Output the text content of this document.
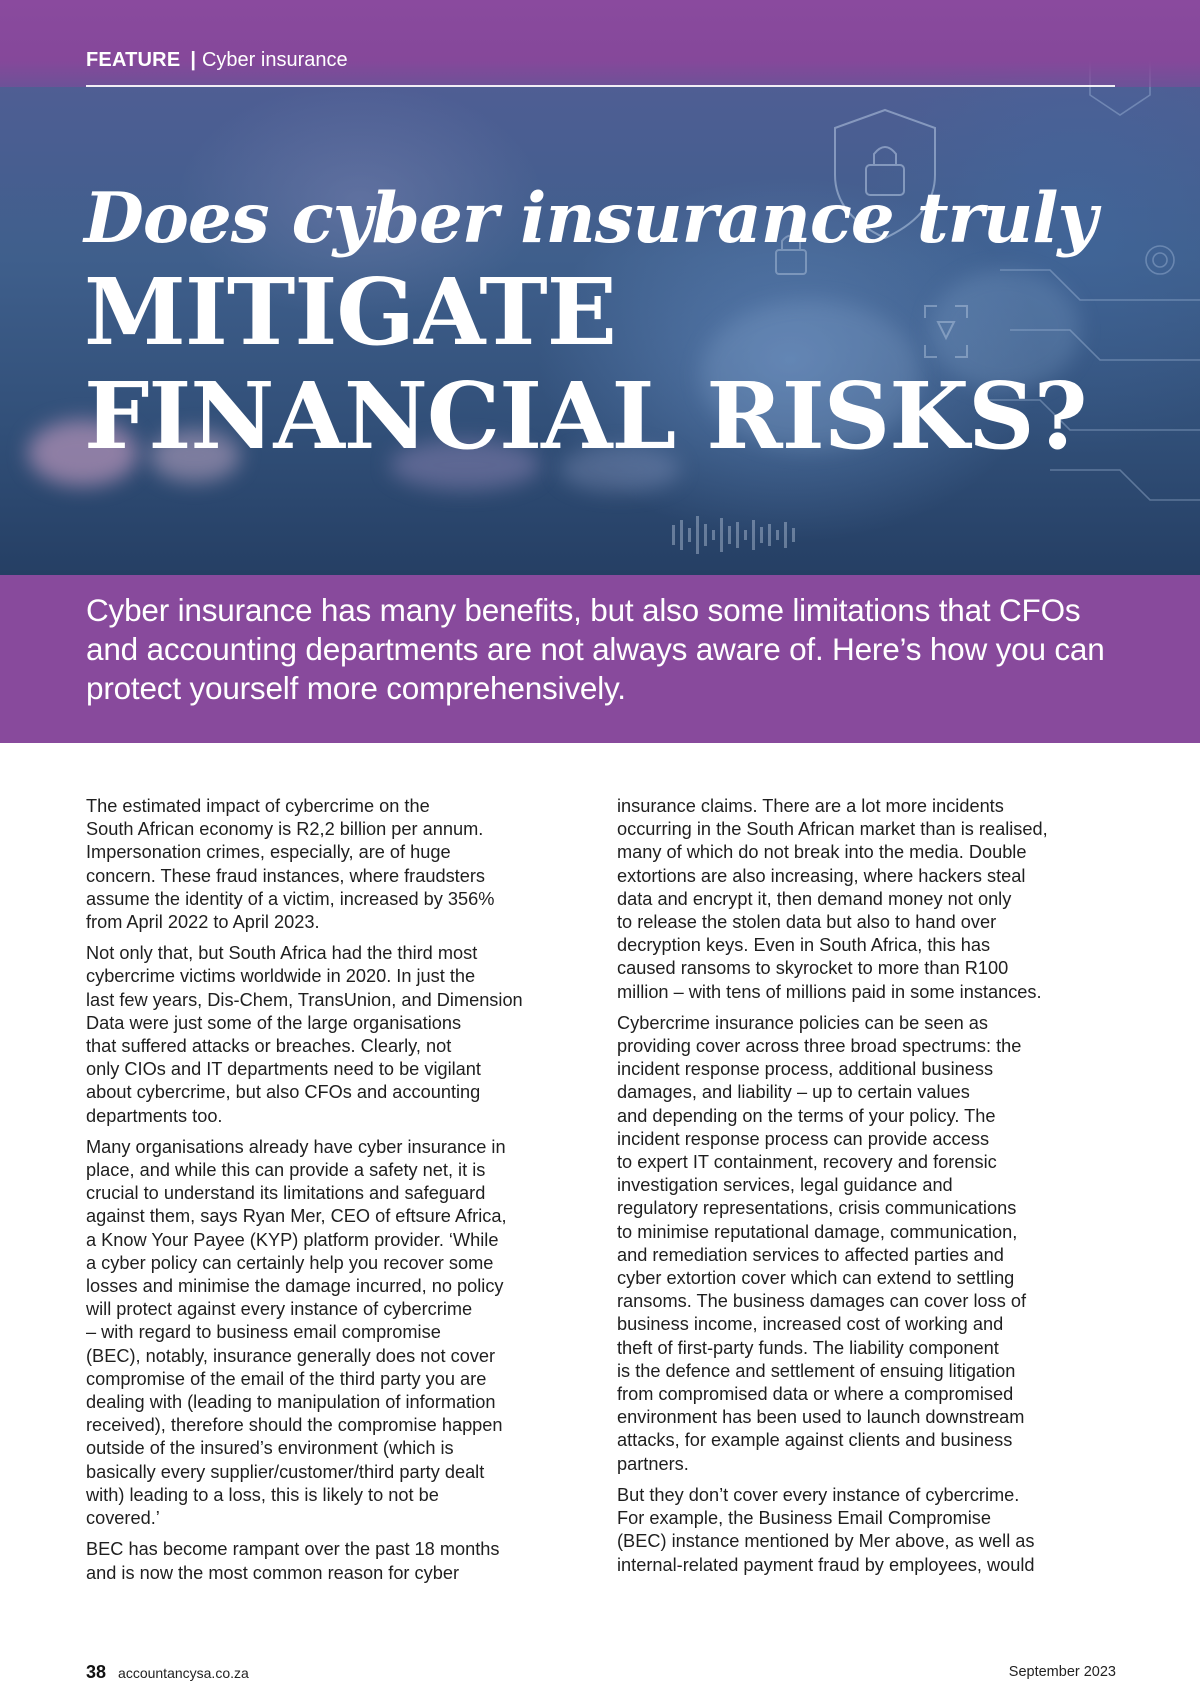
FEATURE | Cyber insurance
Does cyber insurance truly
MITIGATE
FINANCIAL RISKS?

Cyber insurance has many benefits, but also some limitations that CFOs and accounting departments are not always aware of. Here’s how you can protect yourself more comprehensively.

The estimated impact of cybercrime on the
South African economy is R2,2 billion per annum.
Impersonation crimes, especially, are of huge
concern. These fraud instances, where fraudsters
assume the identity of a victim, increased by 356%
from April 2022 to April 2023.
Not only that, but South Africa had the third most
cybercrime victims worldwide in 2020. In just the
last few years, Dis-Chem, TransUnion, and Dimension
Data were just some of the large organisations
that suffered attacks or breaches. Clearly, not
only CIOs and IT departments need to be vigilant
about cybercrime, but also CFOs and accounting
departments too.
Many organisations already have cyber insurance in
place, and while this can provide a safety net, it is
crucial to understand its limitations and safeguard
against them, says Ryan Mer, CEO of eftsure Africa,
a Know Your Payee (KYP) platform provider. ‘While
a cyber policy can certainly help you recover some
losses and minimise the damage incurred, no policy
will protect against every instance of cybercrime
– with regard to business email compromise
(BEC), notably, insurance generally does not cover
compromise of the email of the third party you are
dealing with (leading to manipulation of information
received), therefore should the compromise happen
outside of the insured’s environment (which is
basically every supplier/customer/third party dealt
with) leading to a loss, this is likely to not be
covered.’
BEC has become rampant over the past 18 months
and is now the most common reason for cyber
insurance claims. There are a lot more incidents
occurring in the South African market than is realised,
many of which do not break into the media. Double
extortions are also increasing, where hackers steal
data and encrypt it, then demand money not only
to release the stolen data but also to hand over
decryption keys. Even in South Africa, this has
caused ransoms to skyrocket to more than R100
million – with tens of millions paid in some instances.
Cybercrime insurance policies can be seen as
providing cover across three broad spectrums: the
incident response process, additional business
damages, and liability – up to certain values
and depending on the terms of your policy. The
incident response process can provide access
to expert IT containment, recovery and forensic
investigation services, legal guidance and
regulatory representations, crisis communications
to minimise reputational damage, communication,
and remediation services to affected parties and
cyber extortion cover which can extend to settling
ransoms. The business damages can cover loss of
business income, increased cost of working and
theft of first-party funds. The liability component
is the defence and settlement of ensuing litigation
from compromised data or where a compromised
environment has been used to launch downstream
attacks, for example against clients and business
partners.
But they don’t cover every instance of cybercrime.
For example, the Business Email Compromise
(BEC) instance mentioned by Mer above, as well as
internal-related payment fraud by employees, would
38 accountancysa.co.za	September 2023
